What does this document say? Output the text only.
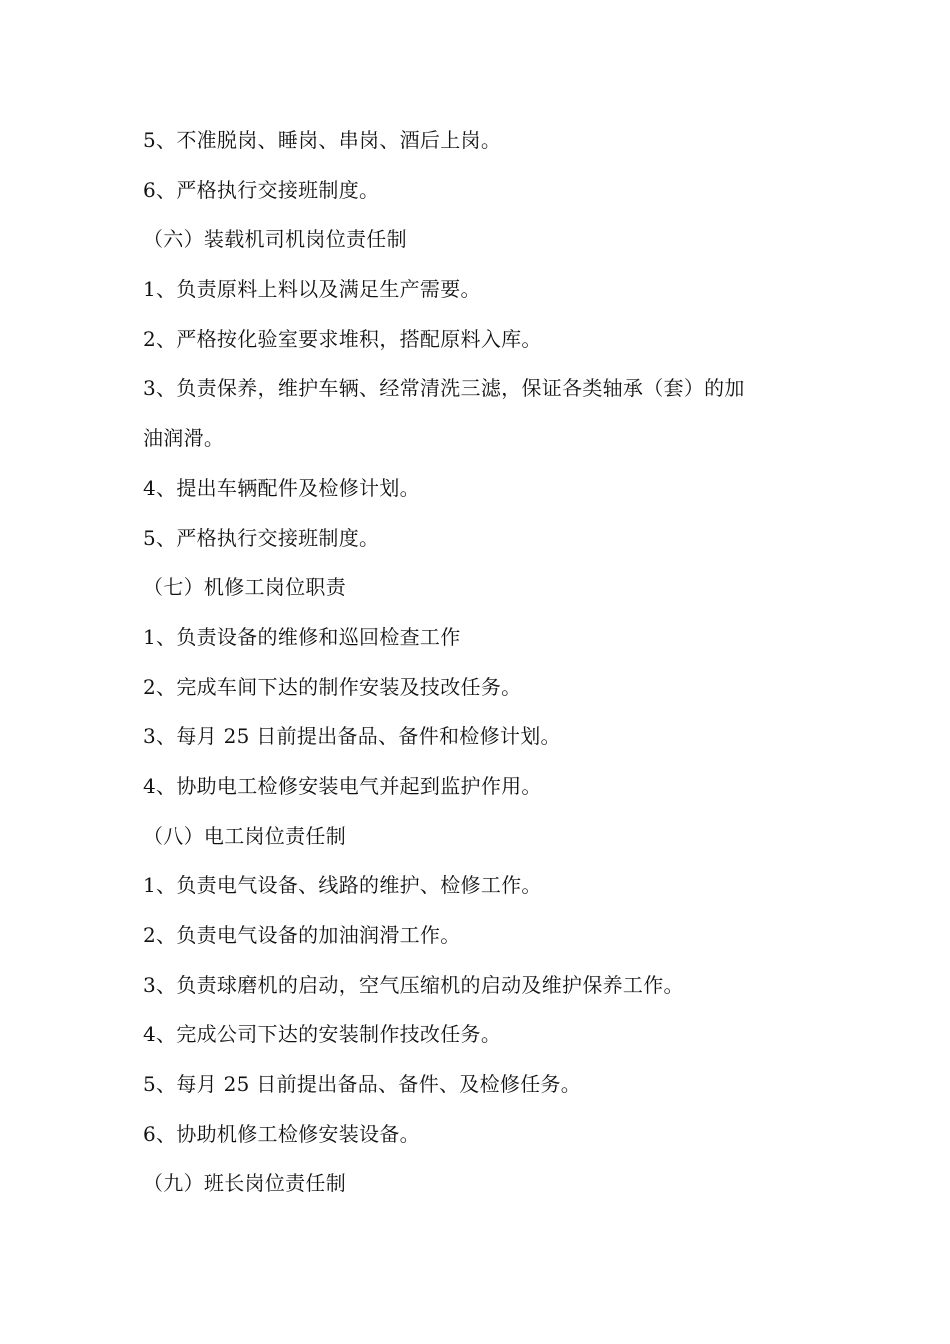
5、不准脱岗、睡岗、串岗、酒后上岗。
6、严格执行交接班制度。
（六）装载机司机岗位责任制
1、负责原料上料以及满足生产需要。
2、严格按化验室要求堆积，搭配原料入库。
3、负责保养，维护车辆、经常清洗三滤，保证各类轴承（套）的加
油润滑。
4、提出车辆配件及检修计划。
5、严格执行交接班制度。
（七）机修工岗位职责
1、负责设备的维修和巡回检查工作
2、完成车间下达的制作安装及技改任务。
3、每月 25 日前提出备品、备件和检修计划。
4、协助电工检修安装电气并起到监护作用。
（八）电工岗位责任制
1、负责电气设备、线路的维护、检修工作。
2、负责电气设备的加油润滑工作。
3、负责球磨机的启动，空气压缩机的启动及维护保养工作。
4、完成公司下达的安装制作技改任务。
5、每月 25 日前提出备品、备件、及检修任务。
6、协助机修工检修安装设备。
（九）班长岗位责任制
